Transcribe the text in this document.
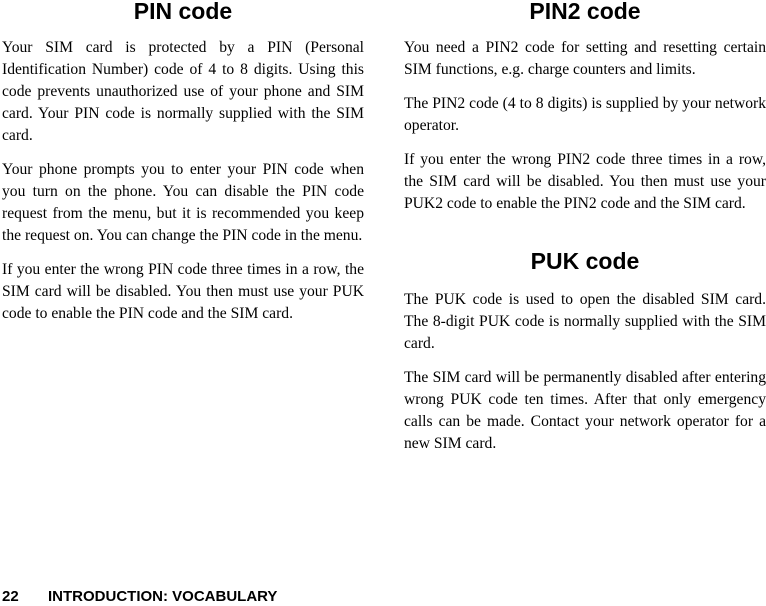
PIN code

Your SIM card is protected by a PIN (Personal Identification Number) code of 4 to 8 digits. Using this code prevents unauthorized use of your phone and SIM card. Your PIN code is normally supplied with the SIM card.

Your phone prompts you to enter your PIN code when you turn on the phone. You can disable the PIN code request from the menu, but it is recommended you keep the request on. You can change the PIN code in the menu.

If you enter the wrong PIN code three times in a row, the SIM card will be disabled. You then must use your PUK code to enable the PIN code and the SIM card.

PIN2 code

You need a PIN2 code for setting and resetting certain SIM functions, e.g. charge counters and limits.

The PIN2 code (4 to 8 digits) is supplied by your network operator.

If you enter the wrong PIN2 code three times in a row, the SIM card will be disabled. You then must use your PUK2 code to enable the PIN2 code and the SIM card.

PUK code

The PUK code is used to open the disabled SIM card. The 8-digit PUK code is normally supplied with the SIM card.

The SIM card will be permanently disabled after entering wrong PUK code ten times. After that only emergency calls can be made. Contact your network operator for a new SIM card.

22 INTRODUCTION: VOCABULARY
